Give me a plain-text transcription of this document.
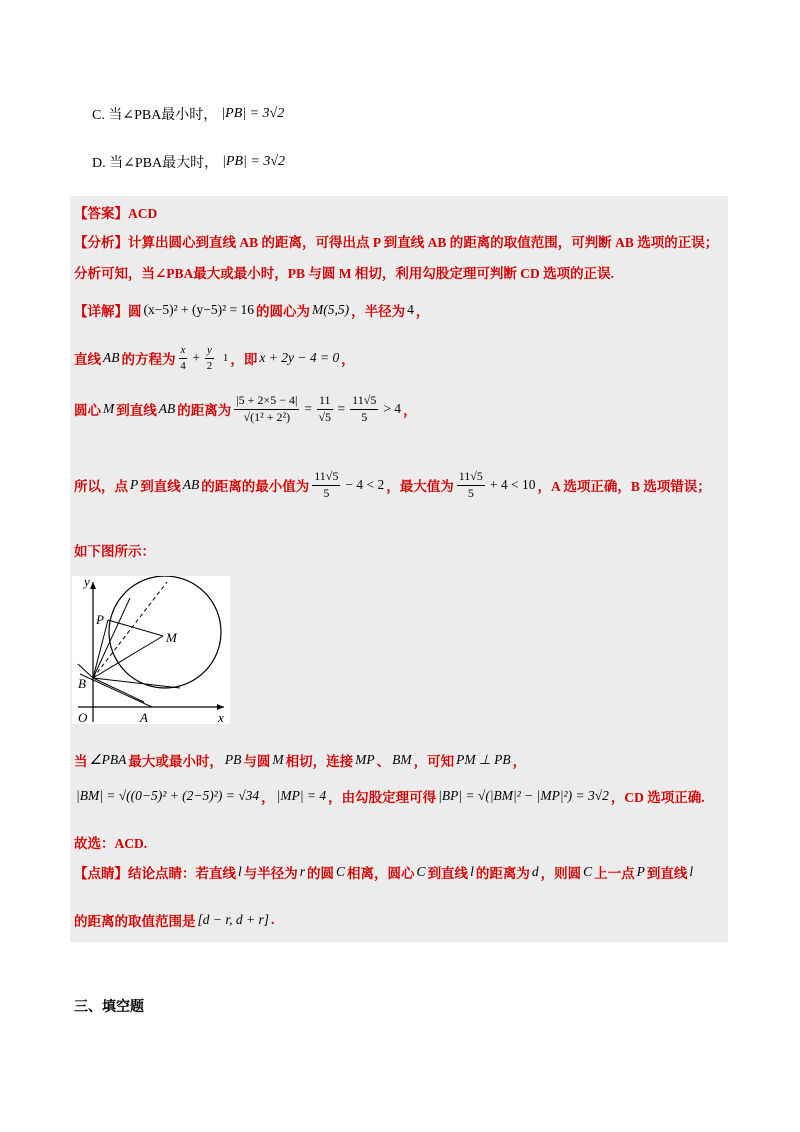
C. 当∠PBA最小时， |PB| = 3√2
D. 当∠PBA最大时， |PB| = 3√2
【答案】ACD
【分析】计算出圆心到直线 AB 的距离，可得出点 P 到直线 AB 的距离的取值范围，可判断 AB 选项的正误；
分析可知，当∠PBA最大或最小时，PB 与圆 M 相切，利用勾股定理可判断 CD 选项的正误.
【详解】圆 (x−5)² + (y−5)² = 16 的圆心为 M(5,5) ，半径为 4 ，
直线 AB 的方程为 $\frac{x}{4} + \frac{y}{2} 1$ ，即 x + 2y − 4 = 0 ，
圆心 M 到直线 AB 的距离为 $\frac{|5 + 2\times 5 - 4|}{\text{√(1² + 2²)}} = \frac{11}{√5} = \frac{11√5}{5} > 4$ ，
所以，点 P 到直线 AB 的距离的最小值为 $\frac{11√5}{5} - 4 < 2$ ，最大值为 $\frac{11√5}{5} + 4 < 10$ ，A 选项正确，B 选项错误；
如下图所示：
y
x
O	A
B
P
M
当 ∠PBA 最大或最小时， PB 与圆 M 相切，连接 MP 、 BM ，可知 PM ⊥ PB ，
|BM| = √((0−5)² + (2−5)²) = √34 ， |MP| = 4 ，由勾股定理可得 |BP| = √(|BM|² − |MP|²) = 3√2 ，CD 选项正确.
故选：ACD.
【点睛】结论点睛：若直线 l 与半径为 r 的圆 C 相离，圆心 C 到直线 l 的距离为 d ，则圆 C 上一点 P 到直线 l
的距离的取值范围是 [d − r, d + r] .
三、填空题
